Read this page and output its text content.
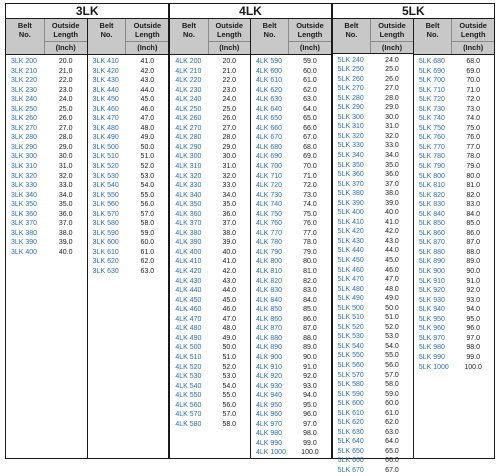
3LK
Belt
No.
Outside
Length
(Inch)
3LK 200
3LK 210
3LK 220
3LK 230
3LK 240
3LK 250
3LK 260
3LK 270
3LK 280
3LK 290
3LK 300
3LK 310
3LK 320
3LK 330
3LK 340
3LK 350
3LK 360
3LK 370
3LK 380
3LK 390
3LK 400
20.0
21.0
22.0
23.0
24.0
25.0
26.0
27.0
28.0
29.0
30.0
31.0
32.0
33.0
34.0
35.0
36.0
37.0
38.0
39.0
40.0
Belt
No.
Outside
Length
(Inch)
3LK 410
3LK 420
3LK 430
3LK 440
3LK 450
3LK 460
3LK 470
3LK 480
3LK 490
3LK 500
3LK 510
3LK 520
3LK 530
3LK 540
3LK 550
3LK 560
3LK 570
3LK 580
3LK 590
3LK 600
3LK 610
3LK 620
3LK 630
41.0
42.0
43.0
44.0
45.0
46.0
47.0
48.0
49.0
50.0
51.0
52.0
53.0
54.0
55.0
56.0
57.0
58.0
59.0
60.0
61.0
62.0
63.0
4LK
Belt
No.
Outside
Length
(Inch)
4LK 200
4LK 210
4LK 220
4LK 230
4LK 240
4LK 250
4LK 260
4LK 270
4LK 280
4LK 290
4LK 300
4LK 310
4LK 320
4LK 330
4LK 340
4LK 350
4LK 360
4LK 370
4LK 380
4LK 390
4LK 400
4LK 410
4LK 420
4LK 430
4LK 440
4LK 450
4LK 460
4LK 470
4LK 480
4LK 490
4LK 500
4LK 510
4LK 520
4LK 530
4LK 540
4LK 550
4LK 560
4LK 570
4LK 580
20.0
21.0
22.0
23.0
24.0
25.0
26.0
27.0
28.0
29.0
30.0
31.0
32.0
33.0
34.0
35.0
36.0
37.0
38.0
39.0
40.0
41.0
42.0
43.0
44.0
45.0
46.0
47.0
48.0
49.0
50.0
51.0
52.0
53.0
54.0
55.0
56.0
57.0
58.0
Belt
No.
Outside
Length
(Inch)
4LK 590
4LK 600
4LK 610
4LK 620
4LK 630
4LK 640
4LK 650
4LK 660
4LK 670
4LK 680
4LK 690
4LK 700
4LK 710
4LK 720
4LK 730
4LK 740
4LK 750
4LK 760
4LK 770
4LK 780
4LK 790
4LK 800
4LK 810
4LK 820
4LK 830
4LK 840
4LK 850
4LK 860
4LK 870
4LK 880
4LK 890
4LK 900
4LK 910
4LK 920
4LK 930
4LK 940
4LK 950
4LK 960
4LK 970
4LK 980
4LK 990
4LK 1000
59.0
60.0
61.0
62.0
63.0
64.0
65.0
66.0
67.0
68.0
69.0
70.0
71.0
72.0
73.0
74.0
75.0
76.0
77.0
78.0
79.0
80.0
81.0
82.0
83.0
84.0
85.0
86.0
87.0
88.0
89.0
90.0
91.0
92.0
93.0
94.0
95.0
96.0
97.0
98.0
99.0
100.0
5LK
Belt
No.
Outside
Length
(Inch)
5LK 240
5LK 250
5LK 260
5LK 270
5LK 280
5LK 290
5LK 300
5LK 310
5LK 320
5LK 330
5LK 340
5LK 350
5LK 360
5LK 370
5LK 380
5LK 390
5LK 400
5LK 410
5LK 420
5LK 430
5LK 440
5LK 450
5LK 460
5LK 470
5LK 480
5LK 490
5LK 500
5LK 510
5LK 520
5LK 530
5LK 540
5LK 550
5LK 560
5LK 570
5LK 580
5LK 590
5LK 600
5LK 610
5LK 620
5LK 630
5LK 640
5LK 650
5LK 660
5LK 670
24.0
25.0
26.0
27.0
28.0
29.0
30.0
31.0
32.0
33.0
34.0
35.0
36.0
37.0
38.0
39.0
40.0
41.0
42.0
43.0
44.0
45.0
46.0
47.0
48.0
49.0
50.0
51.0
52.0
53.0
54.0
55.0
56.0
57.0
58.0
59.0
60.0
61.0
62.0
63.0
64.0
65.0
66.0
67.0
Belt
No.
Outside
Length
(Inch)
5LK 680
5LK 690
5LK 700
5LK 710
5LK 720
5LK 730
5LK 740
5LK 750
5LK 760
5LK 770
5LK 780
5LK 790
5LK 800
5LK 810
5LK 820
5LK 830
5LK 840
5LK 850
5LK 860
5LK 870
5LK 880
5LK 890
5LK 900
5LK 910
5LK 920
5LK 930
5LK 940
5LK 950
5LK 960
5LK 970
5LK 980
5LK 990
5LK 1000
68.0
69.0
70.0
71.0
72.0
73.0
74.0
75.0
76.0
77.0
78.0
79.0
80.0
81.0
82.0
83.0
84.0
85.0
86.0
87.0
88.0
89.0
90.0
91.0
92.0
93.0
94.0
95.0
96.0
97.0
98.0
99.0
100.0
